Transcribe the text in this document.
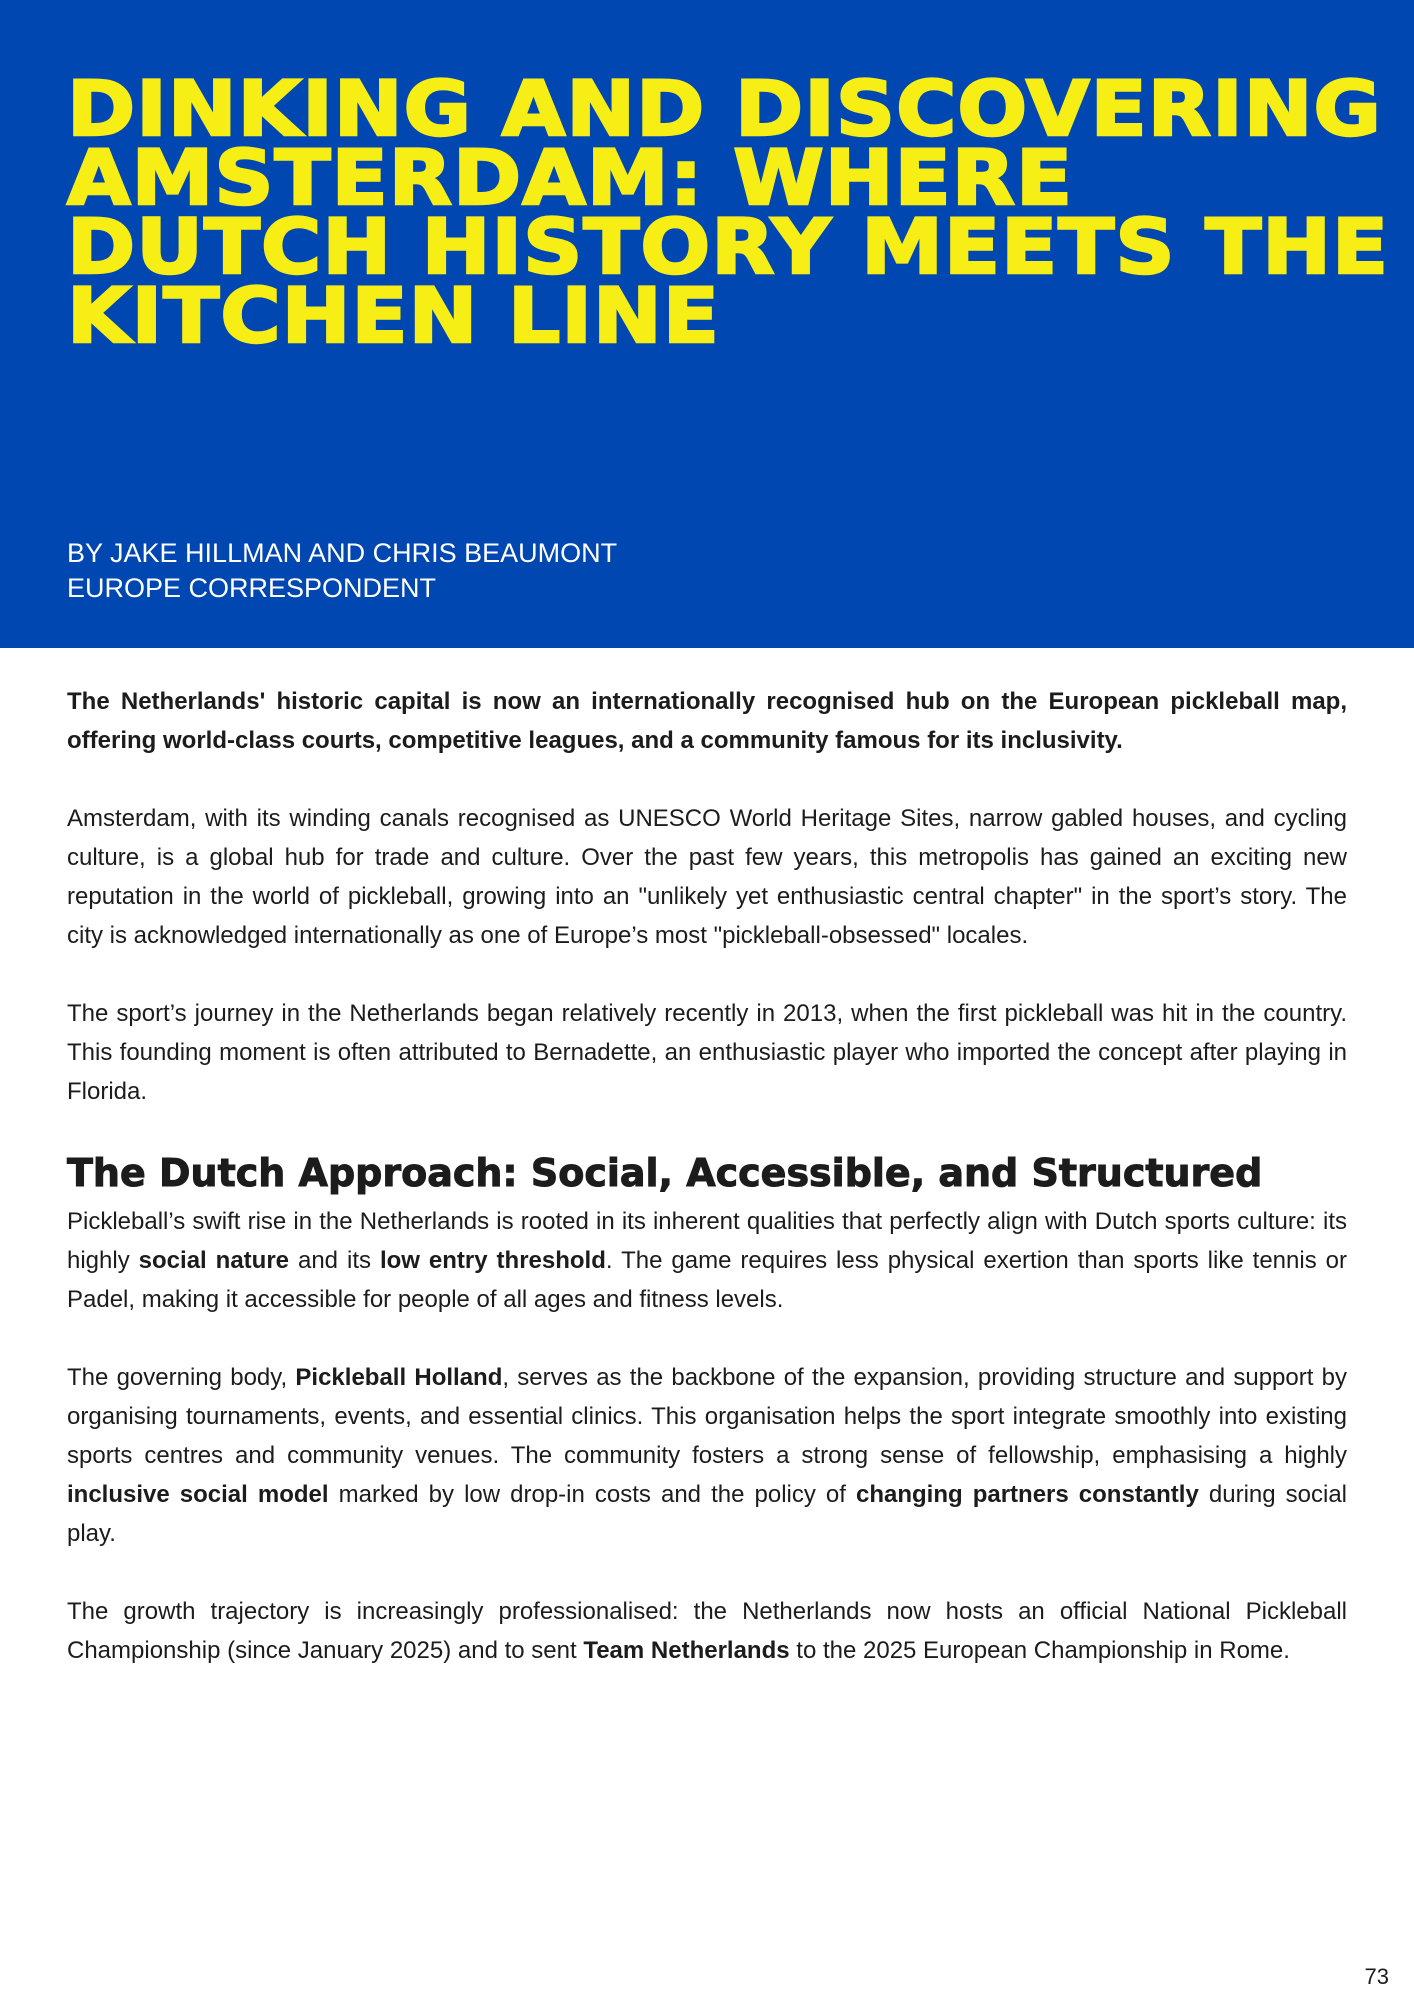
DINKING AND DISCOVERING AMSTERDAM: WHERE DUTCH HISTORY MEETS THE KITCHEN LINE
BY JAKE HILLMAN AND CHRIS BEAUMONT
EUROPE CORRESPONDENT

The Netherlands' historic capital is now an internationally recognised hub on the European pickleball map, offering world-class courts, competitive leagues, and a community famous for its inclusivity.

Amsterdam, with its winding canals recognised as UNESCO World Heritage Sites, narrow gabled houses, and cycling culture, is a global hub for trade and culture. Over the past few years, this metropolis has gained an exciting new reputation in the world of pickleball, growing into an "unlikely yet enthusiastic central chapter" in the sport’s story. The city is acknowledged internationally as one of Europe’s most "pickleball-obsessed" locales.

The sport’s journey in the Netherlands began relatively recently in 2013, when the first pickleball was hit in the country. This founding moment is often attributed to Bernadette, an enthusiastic player who imported the concept after playing in Florida.

The Dutch Approach: Social, Accessible, and Structured

Pickleball’s swift rise in the Netherlands is rooted in its inherent qualities that perfectly align with Dutch sports culture: its highly social nature and its low entry threshold. The game requires less physical exertion than sports like tennis or Padel, making it accessible for people of all ages and fitness levels.

The governing body, Pickleball Holland, serves as the backbone of the expansion, providing structure and support by organising tournaments, events, and essential clinics. This organisation helps the sport integrate smoothly into existing sports centres and community venues. The community fosters a strong sense of fellowship, emphasising a highly inclusive social model marked by low drop-in costs and the policy of changing partners constantly during social play.

The growth trajectory is increasingly professionalised: the Netherlands now hosts an official National Pickleball Championship (since January 2025) and to sent Team Netherlands to the 2025 European Championship in Rome.

73
